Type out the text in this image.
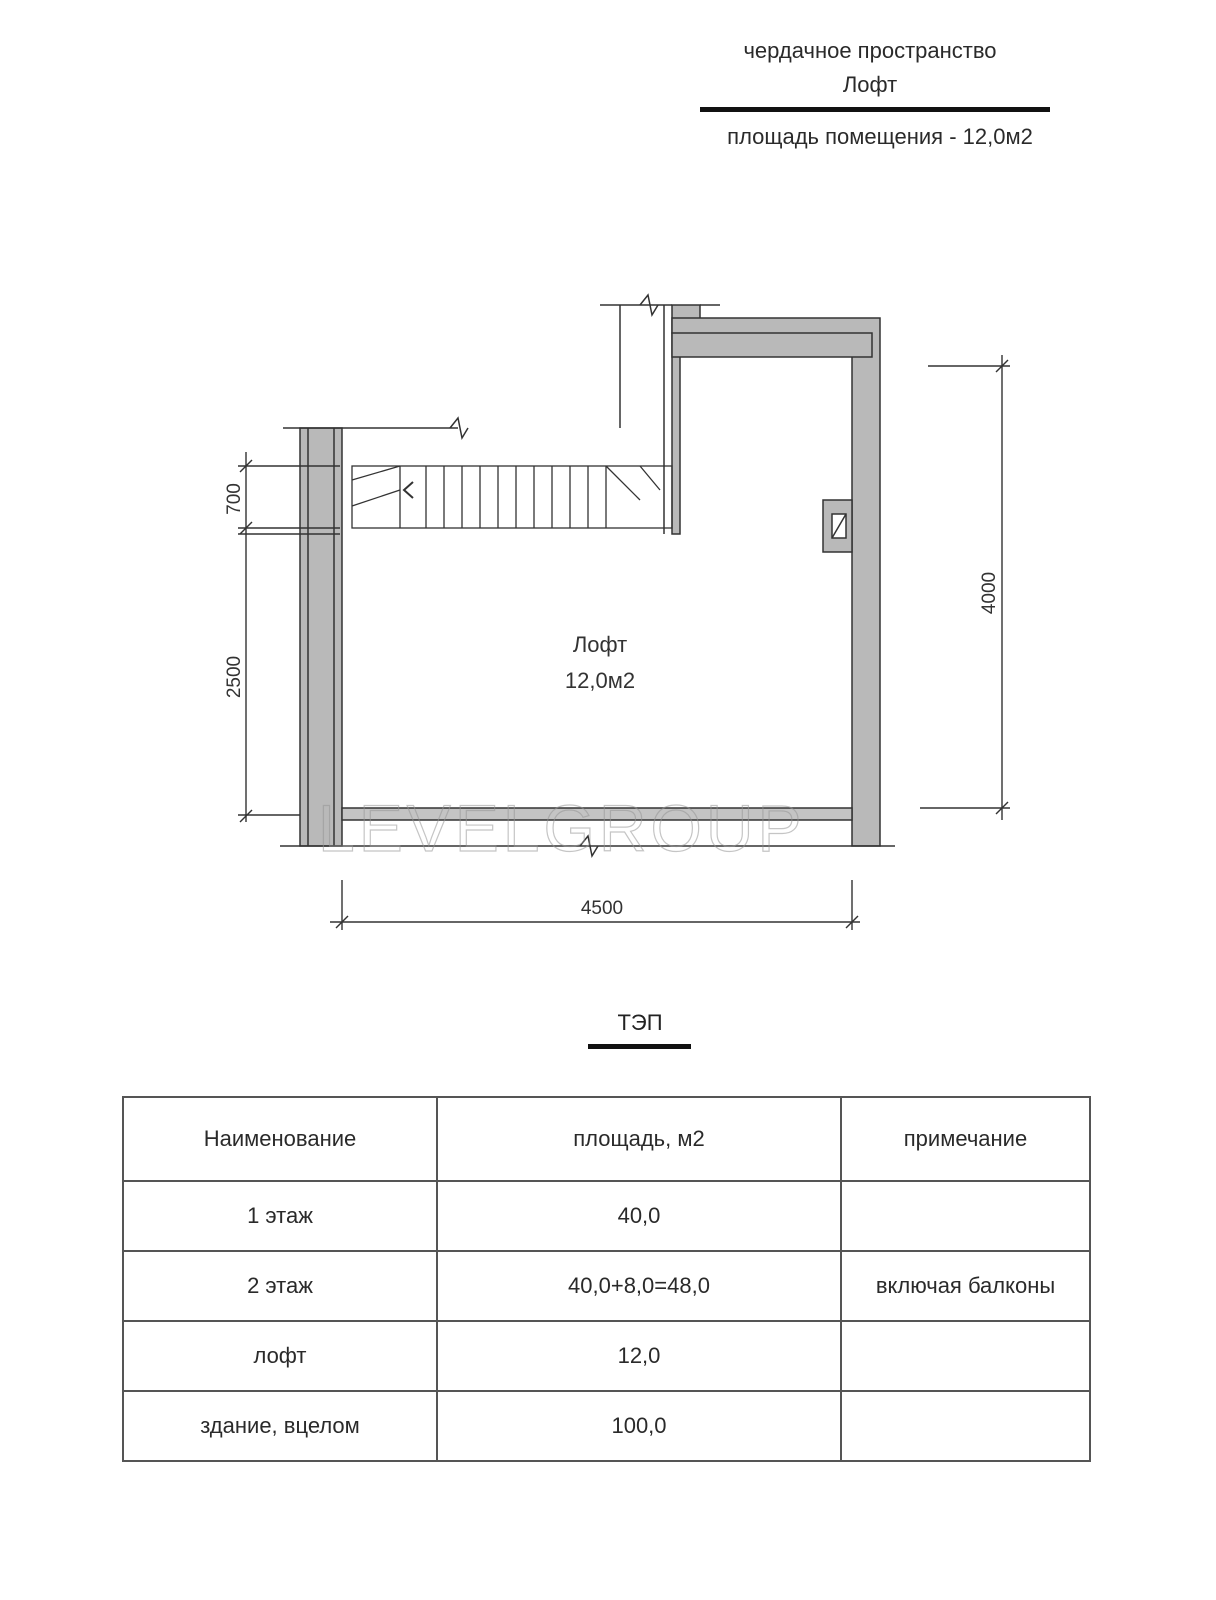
чердачное пространство
Лофт
площадь помещения - 12,0м2
LEVELGROUP
Лофт
12,0м2
700
2500
4000
4500
ТЭП
Наименование	площадь, м2	примечание
1 этаж	40,0	
2 этаж	40,0+8,0=48,0	включая балконы
лофт	12,0	
здание, вцелом	100,0	
